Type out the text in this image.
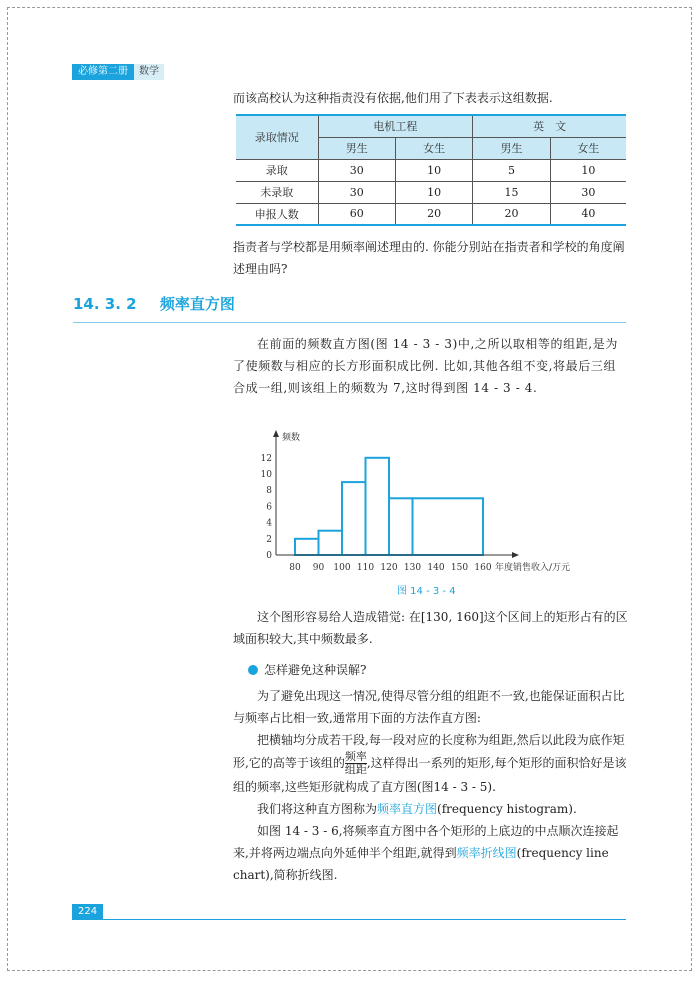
必修第二册	数学
而该高校认为这种指责没有依据,他们用了下表表示这组数据.
录取情况	电机工程		英　文	
	男生	女生	男生	女生
录取	30	10	5	10
未录取	30	10	15	30
申报人数	60	20	20	40
指责者与学校都是用频率阐述理由的. 你能分别站在指责者和学校的角度阐述理由吗?
14. 3. 2 频率直方图
在前面的频数直方图(图 14 - 3 - 3)中,之所以取相等的组距,是为了使频数与相应的长方形面积成比例. 比如,其他各组不变,将最后三组合成一组,则该组上的频数为 7,这时得到图 14 - 3 - 4.
频数
0
2
4
6
8
10
12
80 90 100 110 120 130 140 150 160 年度销售收入/万元
图 14 - 3 - 4
这个图形容易给人造成错觉: 在[130, 160]这个区间上的矩形占有的区域面积较大,其中频数最多.
怎样避免这种误解?
为了避免出现这一情况,使得尽管分组的组距不一致,也能保证面积占比与频率占比相一致,通常用下面的方法作直方图:
把横轴均分成若干段,每一段对应的长度称为组距,然后以此段为底作矩形,它的高等于该组的 $\frac{\text{频率}}{\text{组距}}$ ,这样得出一系列的矩形,每个矩形的面积恰好是该组的频率,这些矩形就构成了直方图(图14 - 3 - 5).
我们将这种直方图称为频率直方图(frequency histogram).
如图 14 - 3 - 6,将频率直方图中各个矩形的上底边的中点顺次连接起来,并将两边端点向外延伸半个组距,就得到频率折线图(frequency line chart),简称折线图.
224
